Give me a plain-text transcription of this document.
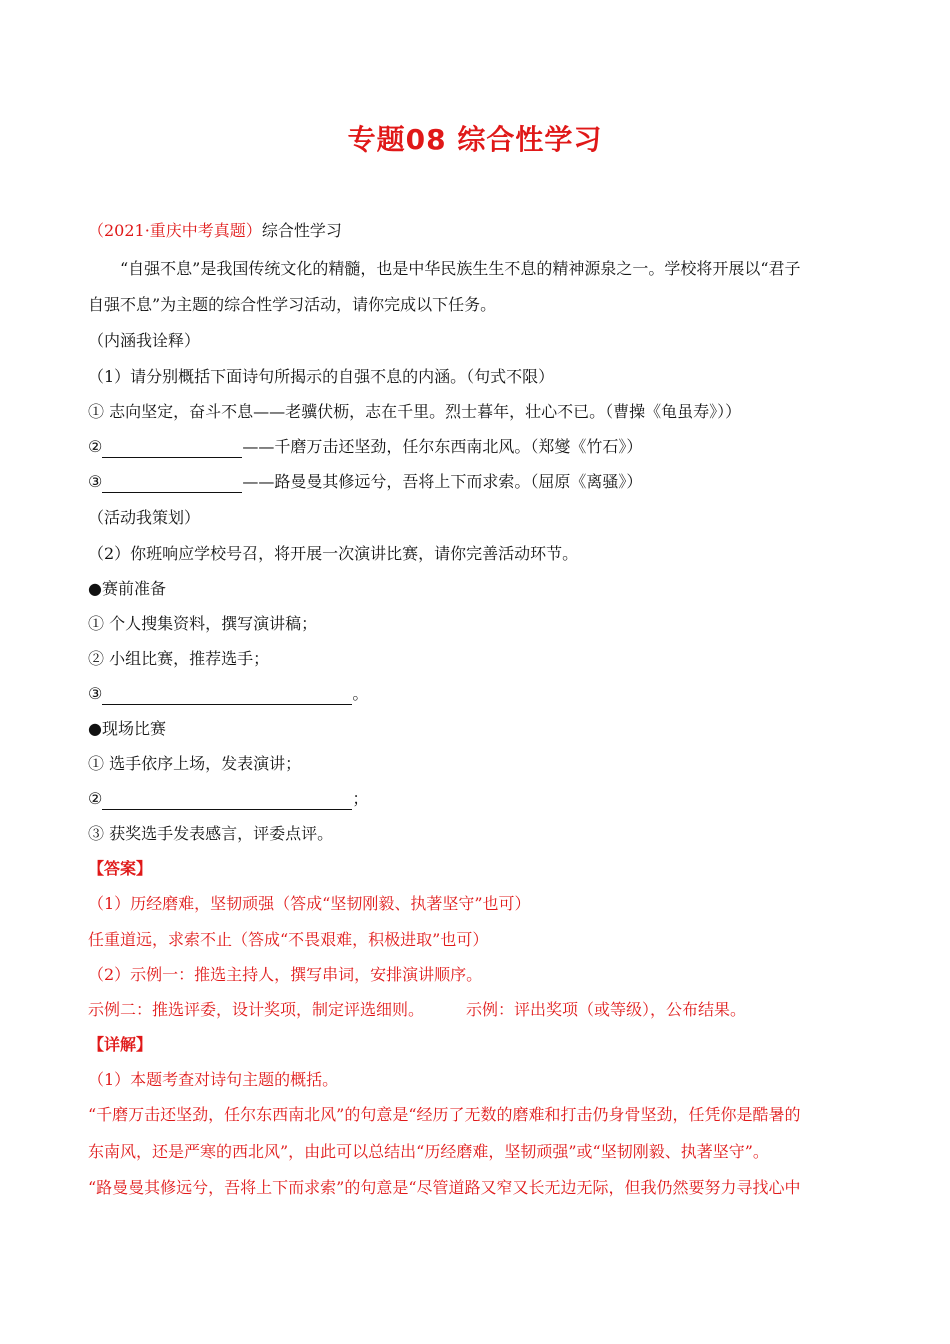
专题08 综合性学习
（2021·重庆中考真题）综合性学习
“自强不息”是我国传统文化的精髓，也是中华民族生生不息的精神源泉之一。学校将开展以“君子
自强不息”为主题的综合性学习活动，请你完成以下任务。
（内涵我诠释）
（1）请分别概括下面诗句所揭示的自强不息的内涵。（句式不限）
① 志向坚定，奋斗不息——老骥伏枥，志在千里。烈士暮年，壮心不已。（曹操《龟虽寿》））
②	——千磨万击还坚劲，任尔东西南北风。（郑燮《竹石》）
③	——路曼曼其修远兮，吾将上下而求索。（屈原《离骚》）
（活动我策划）
（2）你班响应学校号召，将开展一次演讲比赛，请你完善活动环节。
●赛前准备
① 个人搜集资料，撰写演讲稿；
② 小组比赛，推荐选手；
③	。
●现场比赛
① 选手依序上场，发表演讲；
②	；
③ 获奖选手发表感言，评委点评。
【答案】
（1）历经磨难，坚韧顽强（答成“坚韧刚毅、执著坚守”也可）
任重道远，求索不止（答成“不畏艰难，积极进取”也可）
（2）示例一：推选主持人，撰写串词，安排演讲顺序。
示例二：推选评委，设计奖项，制定评选细则。	示例：评出奖项（或等级），公布结果。
【详解】
（1）本题考查对诗句主题的概括。
“千磨万击还坚劲，任尔东西南北风”的句意是“经历了无数的磨难和打击仍身骨坚劲，任凭你是酷暑的
东南风，还是严寒的西北风”，由此可以总结出“历经磨难，坚韧顽强”或“坚韧刚毅、执著坚守”。
“路曼曼其修远兮，吾将上下而求索”的句意是“尽管道路又窄又长无边无际，但我仍然要努力寻找心中
